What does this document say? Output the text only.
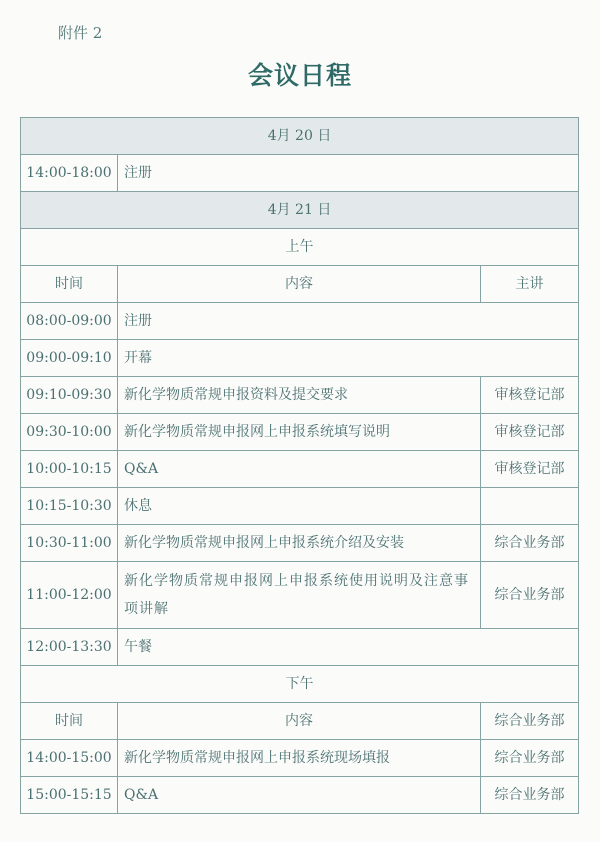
附件 2
会议日程
4月 20 日		
14:00-18:00	注册	
4月 21 日		
上午		
时间	内容	主讲
08:00-09:00	注册	
09:00-09:10	开幕	
09:10-09:30	新化学物质常规申报资料及提交要求	审核登记部
09:30-10:00	新化学物质常规申报网上申报系统填写说明	审核登记部
10:00-10:15	Q&A	审核登记部
10:15-10:30	休息	
10:30-11:00	新化学物质常规申报网上申报系统介绍及安装	综合业务部
11:00-12:00	新化学物质常规申报网上申报系统使用说明及注意事项讲解	综合业务部
12:00-13:30	午餐	
下午		
时间	内容	综合业务部
14:00-15:00	新化学物质常规申报网上申报系统现场填报	综合业务部
15:00-15:15	Q&A	综合业务部
